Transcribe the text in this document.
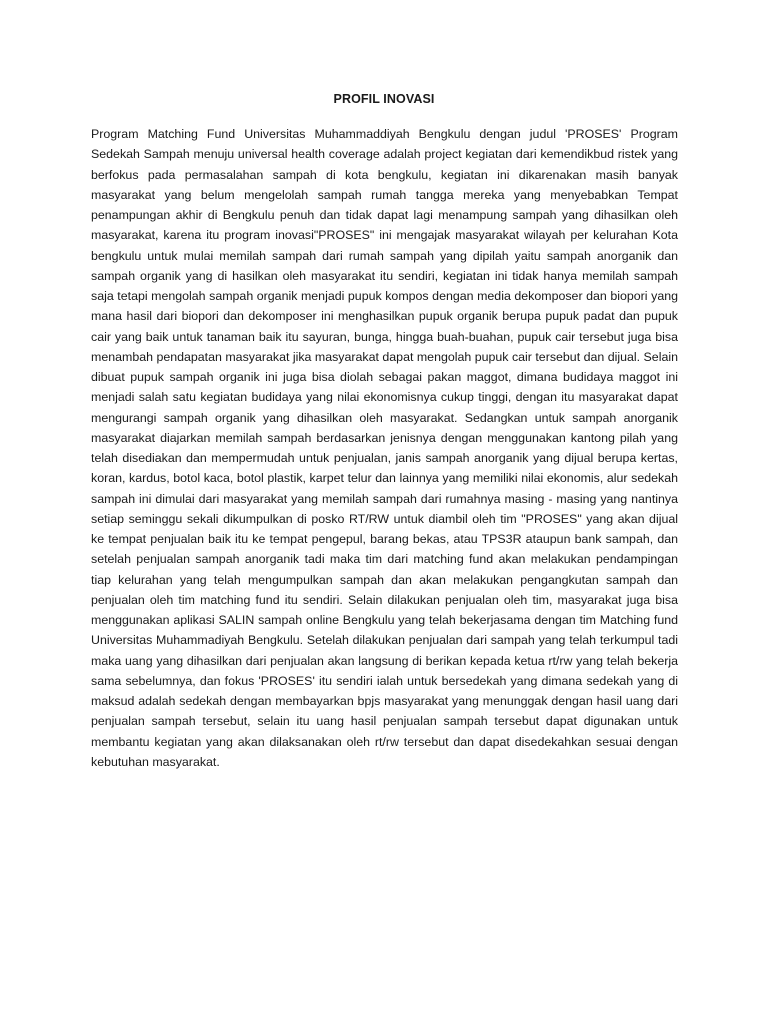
PROFIL INOVASI

Program Matching Fund Universitas Muhammaddiyah Bengkulu dengan judul 'PROSES' Program Sedekah Sampah menuju universal health coverage adalah project kegiatan dari kemendikbud ristek yang berfokus pada permasalahan sampah di kota bengkulu, kegiatan ini dikarenakan masih banyak masyarakat yang belum mengelolah sampah rumah tangga mereka yang menyebabkan Tempat penampungan akhir di Bengkulu penuh dan tidak dapat lagi menampung sampah yang dihasilkan oleh masyarakat, karena itu program inovasi"PROSES" ini mengajak masyarakat wilayah per kelurahan Kota bengkulu untuk mulai memilah sampah dari rumah sampah yang dipilah yaitu sampah anorganik dan sampah organik yang di hasilkan oleh masyarakat itu sendiri, kegiatan ini tidak hanya memilah sampah saja tetapi mengolah sampah organik menjadi pupuk kompos dengan media dekomposer dan biopori yang mana hasil dari biopori dan dekomposer ini menghasilkan pupuk organik berupa pupuk padat dan pupuk cair yang baik untuk tanaman baik itu sayuran, bunga, hingga buah-buahan, pupuk cair tersebut juga bisa menambah pendapatan masyarakat jika masyarakat dapat mengolah pupuk cair tersebut dan dijual. Selain dibuat pupuk sampah organik ini juga bisa diolah sebagai pakan maggot, dimana budidaya maggot ini menjadi salah satu kegiatan budidaya yang nilai ekonomisnya cukup tinggi, dengan itu masyarakat dapat mengurangi sampah organik yang dihasilkan oleh masyarakat. Sedangkan untuk sampah anorganik masyarakat diajarkan memilah sampah berdasarkan jenisnya dengan menggunakan kantong pilah yang telah disediakan dan mempermudah untuk penjualan, janis sampah anorganik yang dijual berupa kertas, koran, kardus, botol kaca, botol plastik, karpet telur dan lainnya yang memiliki nilai ekonomis, alur sedekah sampah ini dimulai dari masyarakat yang memilah sampah dari rumahnya masing - masing yang nantinya setiap seminggu sekali dikumpulkan di posko RT/RW untuk diambil oleh tim "PROSES" yang akan dijual ke tempat penjualan baik itu ke tempat pengepul, barang bekas, atau TPS3R ataupun bank sampah, dan setelah penjualan sampah anorganik tadi maka tim dari matching fund akan melakukan pendampingan tiap kelurahan yang telah mengumpulkan sampah dan akan melakukan pengangkutan sampah dan penjualan oleh tim matching fund itu sendiri. Selain dilakukan penjualan oleh tim, masyarakat juga bisa menggunakan aplikasi SALIN sampah online Bengkulu yang telah bekerjasama dengan tim Matching fund Universitas Muhammadiyah Bengkulu. Setelah dilakukan penjualan dari sampah yang telah terkumpul tadi maka uang yang dihasilkan dari penjualan akan langsung di berikan kepada ketua rt/rw yang telah bekerja sama sebelumnya, dan fokus 'PROSES' itu sendiri ialah untuk bersedekah yang dimana sedekah yang di maksud adalah sedekah dengan membayarkan bpjs masyarakat yang menunggak dengan hasil uang dari penjualan sampah tersebut, selain itu uang hasil penjualan sampah tersebut dapat digunakan untuk membantu kegiatan yang akan dilaksanakan oleh rt/rw tersebut dan dapat disedekahkan sesuai dengan kebutuhan masyarakat.
